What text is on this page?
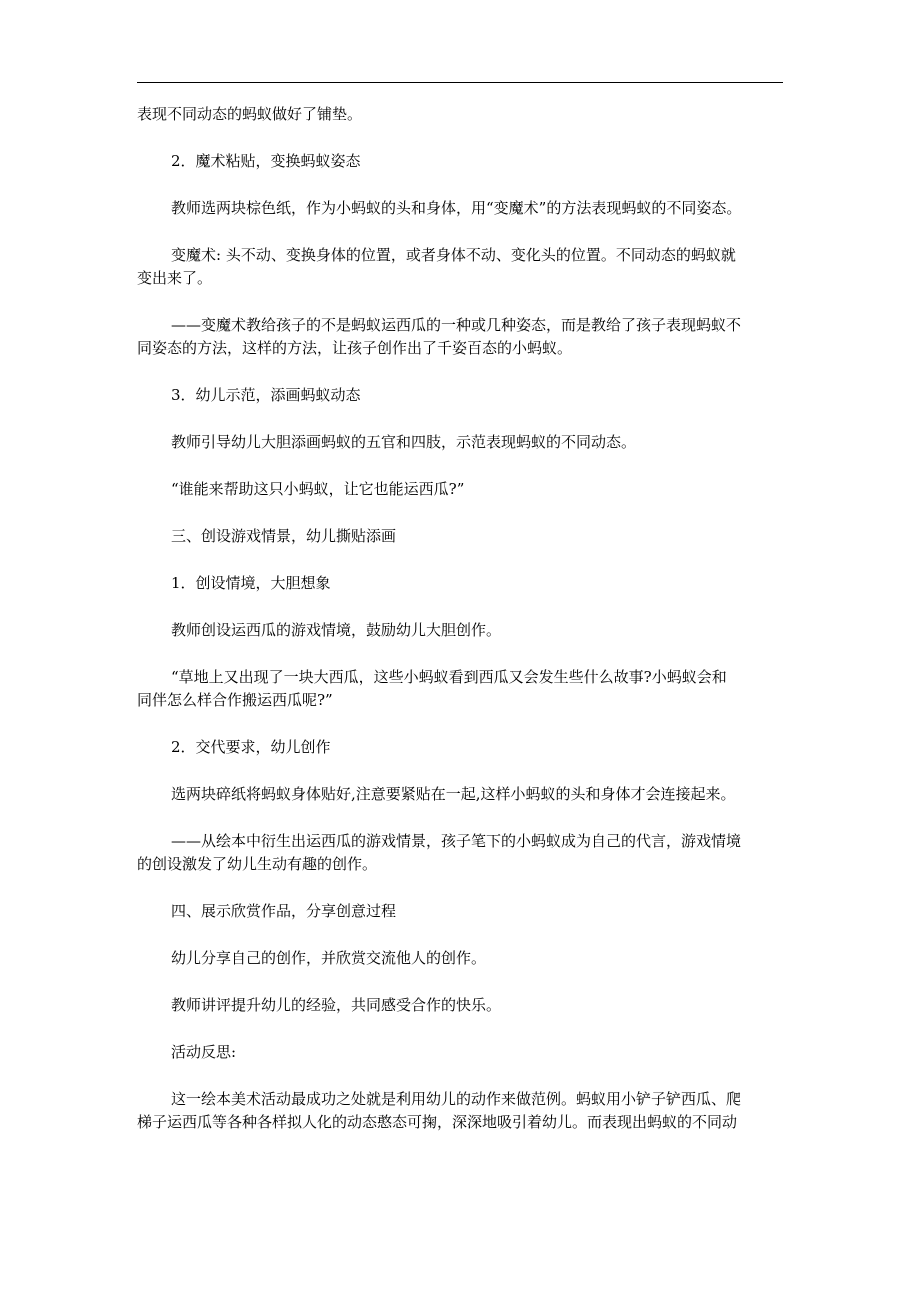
表现不同动态的蚂蚁做好了铺垫。

2．魔术粘贴，变换蚂蚁姿态

教师选两块棕色纸，作为小蚂蚁的头和身体，用“变魔术”的方法表现蚂蚁的不同姿态。

变魔术: 头不动、变换身体的位置，或者身体不动、变化头的位置。不同动态的蚂蚁就
变出来了。

——变魔术教给孩子的不是蚂蚁运西瓜的一种或几种姿态，而是教给了孩子表现蚂蚁不
同姿态的方法，这样的方法，让孩子创作出了千姿百态的小蚂蚁。

3．幼儿示范，添画蚂蚁动态

教师引导幼儿大胆添画蚂蚁的五官和四肢，示范表现蚂蚁的不同动态。

“谁能来帮助这只小蚂蚁，让它也能运西瓜?”

三、创设游戏情景，幼儿撕贴添画

1．创设情境，大胆想象

教师创设运西瓜的游戏情境，鼓励幼儿大胆创作。

“草地上又出现了一块大西瓜，这些小蚂蚁看到西瓜又会发生些什么故事?小蚂蚁会和
同伴怎么样合作搬运西瓜呢?”

2．交代要求，幼儿创作

选两块碎纸将蚂蚁身体贴好,注意要紧贴在一起,这样小蚂蚁的头和身体才会连接起来。

——从绘本中衍生出运西瓜的游戏情景，孩子笔下的小蚂蚁成为自己的代言，游戏情境
的创设激发了幼儿生动有趣的创作。

四、展示欣赏作品，分享创意过程

幼儿分享自己的创作，并欣赏交流他人的创作。

教师讲评提升幼儿的经验，共同感受合作的快乐。

活动反思:

这一绘本美术活动最成功之处就是利用幼儿的动作来做范例。蚂蚁用小铲子铲西瓜、爬
梯子运西瓜等各种各样拟人化的动态憨态可掬，深深地吸引着幼儿。而表现出蚂蚁的不同动
